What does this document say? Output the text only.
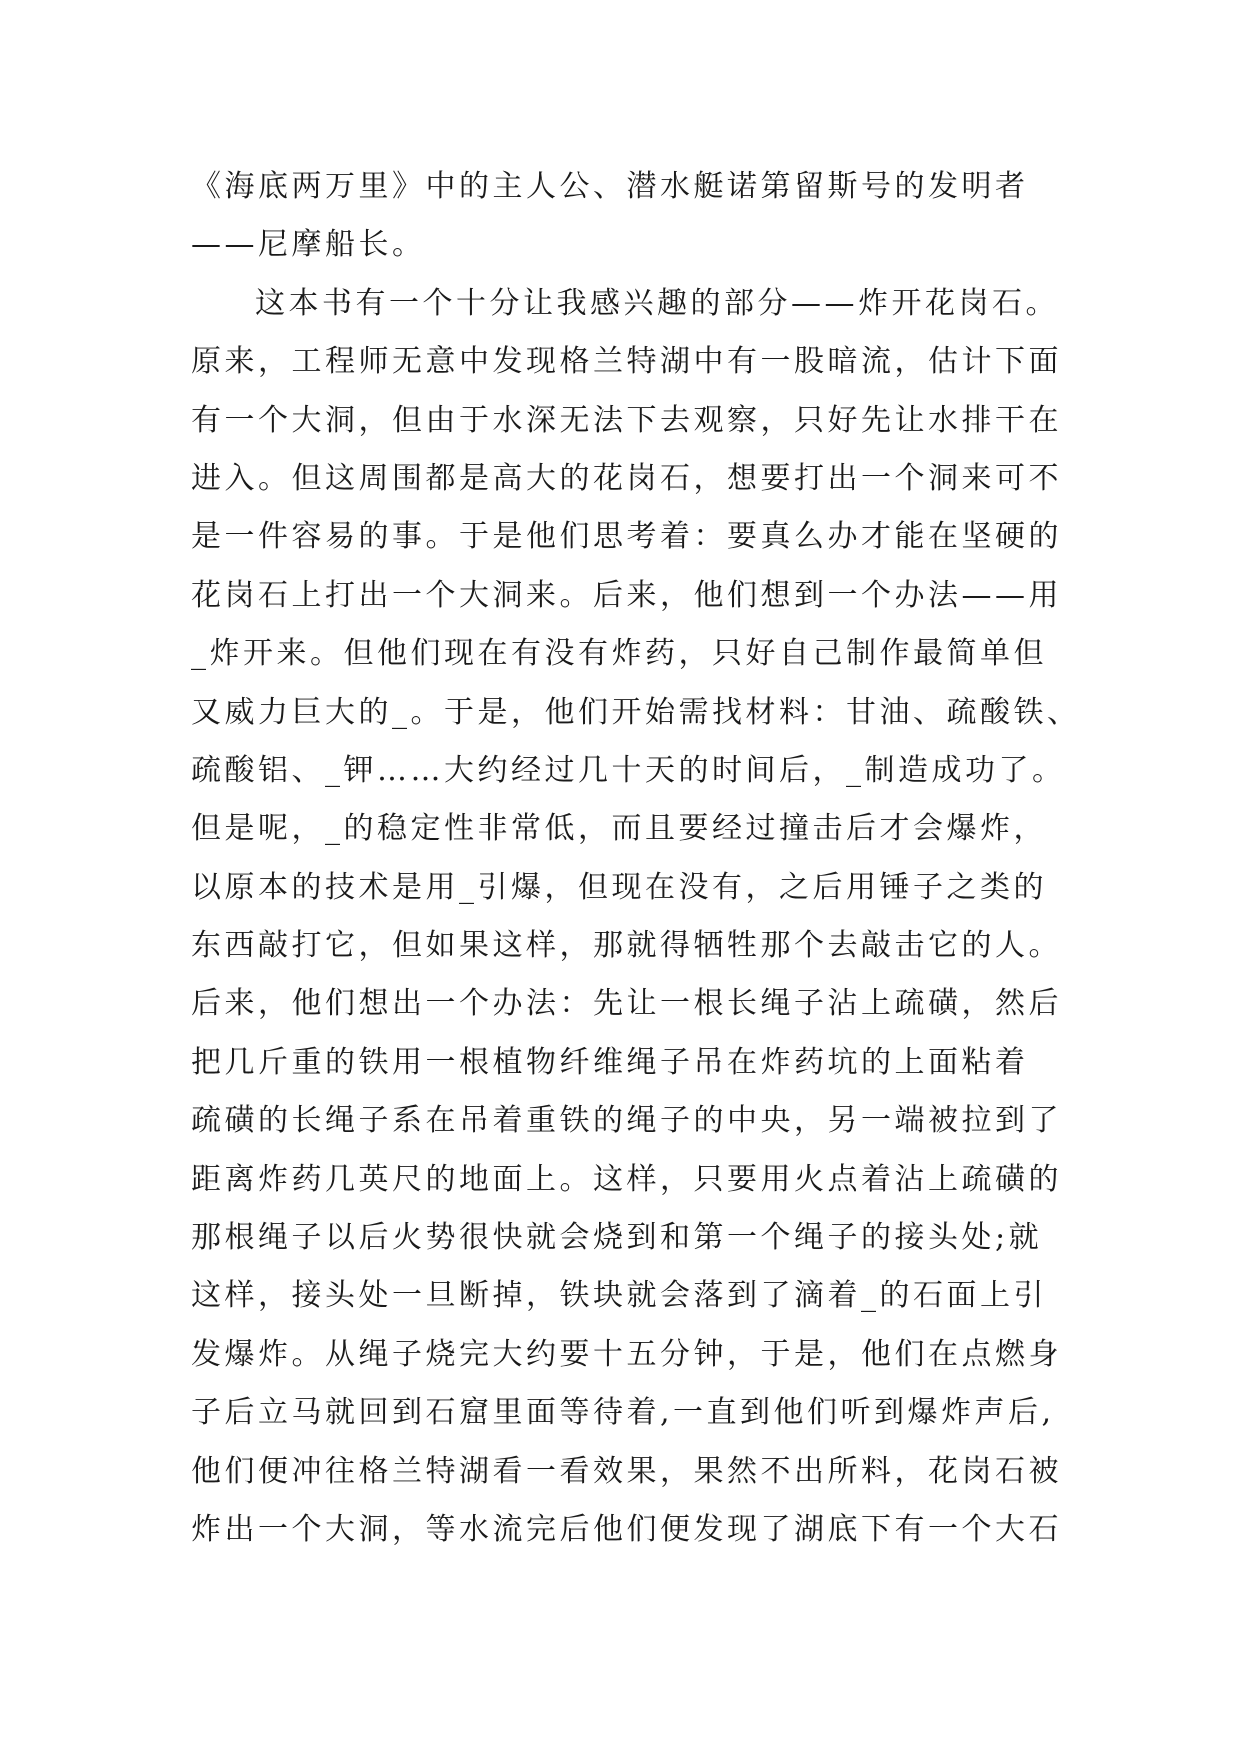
《海底两万里》中的主人公、潜水艇诺第留斯号的发明者
——尼摩船长。
这本书有一个十分让我感兴趣的部分——炸开花岗石。
原来，工程师无意中发现格兰特湖中有一股暗流，估计下面
有一个大洞，但由于水深无法下去观察，只好先让水排干在
进入。但这周围都是高大的花岗石，想要打出一个洞来可不
是一件容易的事。于是他们思考着：要真么办才能在坚硬的
花岗石上打出一个大洞来。后来，他们想到一个办法——用
_炸开来。但他们现在有没有炸药，只好自己制作最简单但
又威力巨大的_。于是，他们开始需找材料：甘油、疏酸铁、
疏酸铝、_钾……大约经过几十天的时间后，_制造成功了。
但是呢，_的稳定性非常低，而且要经过撞击后才会爆炸，
以原本的技术是用_引爆，但现在没有，之后用锤子之类的
东西敲打它，但如果这样，那就得牺牲那个去敲击它的人。
后来，他们想出一个办法：先让一根长绳子沾上疏磺，然后
把几斤重的铁用一根植物纤维绳子吊在炸药坑的上面粘着
疏磺的长绳子系在吊着重铁的绳子的中央，另一端被拉到了
距离炸药几英尺的地面上。这样，只要用火点着沾上疏磺的
那根绳子以后火势很快就会烧到和第一个绳子的接头处;就
这样，接头处一旦断掉，铁块就会落到了滴着_的石面上引
发爆炸。从绳子烧完大约要十五分钟，于是，他们在点燃身
子后立马就回到石窟里面等待着,一直到他们听到爆炸声后,
他们便冲往格兰特湖看一看效果，果然不出所料，花岗石被
炸出一个大洞，等水流完后他们便发现了湖底下有一个大石
